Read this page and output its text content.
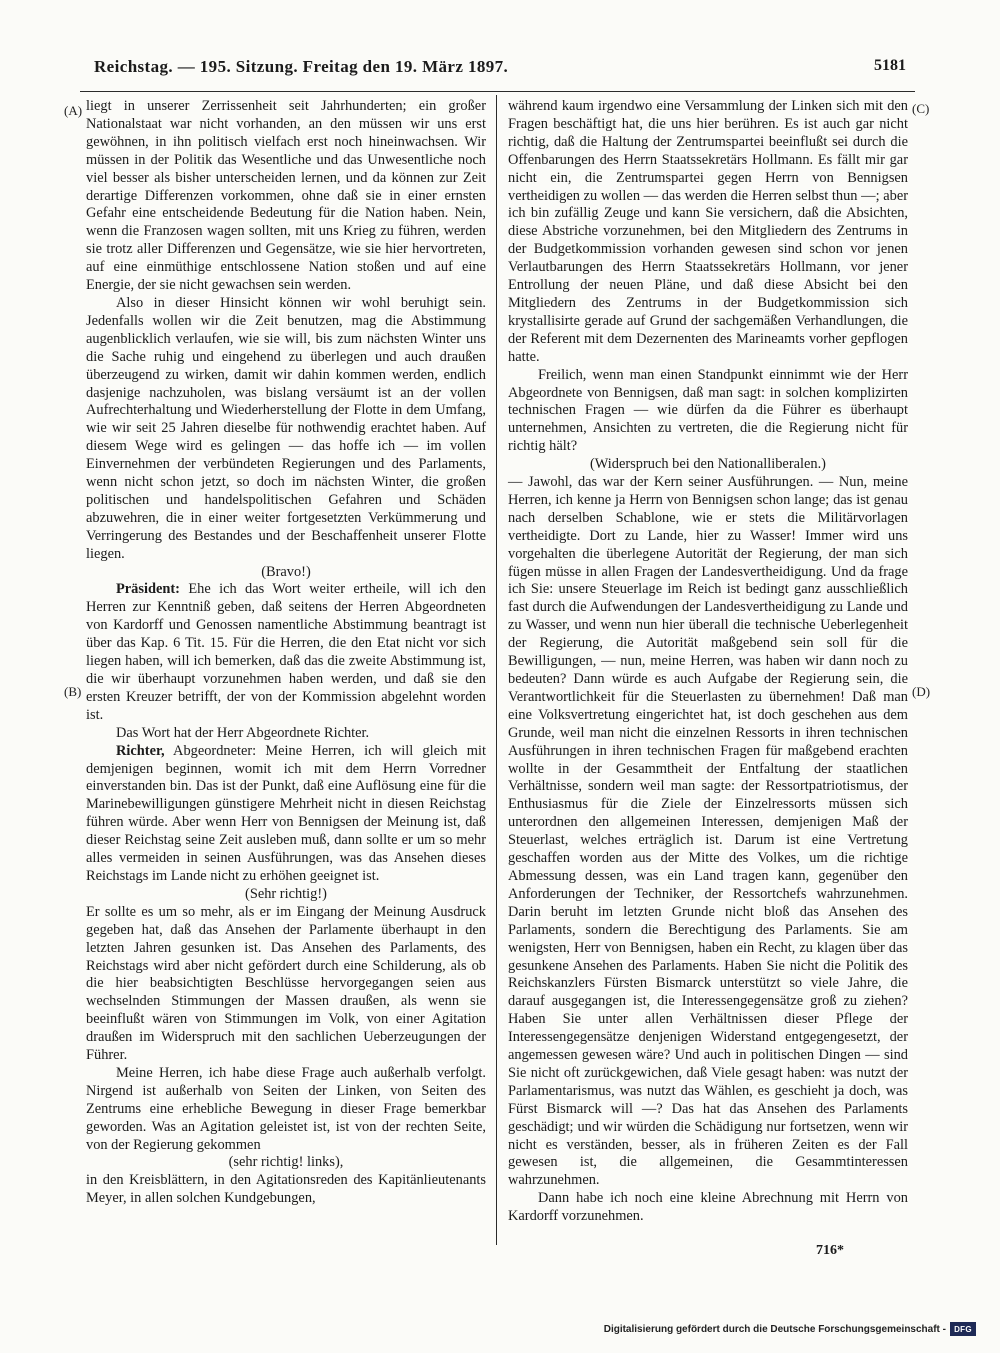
Reichstag. — 195. Sitzung. Freitag den 19. März 1897.	5181
(A)
(B)
(C)
(D)

liegt in unserer Zerrissenheit seit Jahrhunderten; ein großer Nationalstaat war nicht vorhanden, an den müssen wir uns erst gewöhnen, in ihn politisch vielfach erst noch hineinwachsen. Wir müssen in der Politik das Wesentliche und das Unwesentliche noch viel besser als bisher unterscheiden lernen, und da können zur Zeit derartige Differenzen vorkommen, ohne daß sie in einer ernsten Gefahr eine entscheidende Bedeutung für die Nation haben. Nein, wenn die Franzosen wagen sollten, mit uns Krieg zu führen, werden sie trotz aller Differenzen und Gegensätze, wie sie hier hervortreten, auf eine einmüthige entschlossene Nation stoßen und auf eine Energie, der sie nicht gewachsen sein werden.

Also in dieser Hinsicht können wir wohl beruhigt sein. Jedenfalls wollen wir die Zeit benutzen, mag die Abstimmung augenblicklich verlaufen, wie sie will, bis zum nächsten Winter uns die Sache ruhig und eingehend zu überlegen und auch draußen überzeugend zu wirken, damit wir dahin kommen werden, endlich dasjenige nachzuholen, was bislang versäumt ist an der vollen Aufrechterhaltung und Wiederherstellung der Flotte in dem Umfang, wie wir seit 25 Jahren dieselbe für nothwendig erachtet haben. Auf diesem Wege wird es gelingen — das hoffe ich — im vollen Einvernehmen der verbündeten Regierungen und des Parlaments, wenn nicht schon jetzt, so doch im nächsten Winter, die großen politischen und handelspolitischen Gefahren und Schäden abzuwehren, die in einer weiter fortgesetzten Verkümmerung und Verringerung des Bestandes und der Beschaffenheit unserer Flotte liegen.

(Bravo!)

Präsident: Ehe ich das Wort weiter ertheile, will ich den Herren zur Kenntniß geben, daß seitens der Herren Abgeordneten von Kardorff und Genossen namentliche Abstimmung beantragt ist über das Kap. 6 Tit. 15. Für die Herren, die den Etat nicht vor sich liegen haben, will ich bemerken, daß das die zweite Abstimmung ist, die wir überhaupt vorzunehmen haben werden, und daß sie den ersten Kreuzer betrifft, der von der Kommission abgelehnt worden ist.

Das Wort hat der Herr Abgeordnete Richter.

Richter, Abgeordneter: Meine Herren, ich will gleich mit demjenigen beginnen, womit ich mit dem Herrn Vorredner einverstanden bin. Das ist der Punkt, daß eine Auflösung eine für die Marinebewilligungen günstigere Mehrheit nicht in diesen Reichstag führen würde. Aber wenn Herr von Bennigsen der Meinung ist, daß dieser Reichstag seine Zeit ausleben muß, dann sollte er um so mehr alles vermeiden in seinen Ausführungen, was das Ansehen dieses Reichstags im Lande nicht zu erhöhen geeignet ist.

(Sehr richtig!)

Er sollte es um so mehr, als er im Eingang der Meinung Ausdruck gegeben hat, daß das Ansehen der Parlamente überhaupt in den letzten Jahren gesunken ist. Das Ansehen des Parlaments, des Reichstags wird aber nicht gefördert durch eine Schilderung, als ob die hier beabsichtigten Beschlüsse hervorgegangen seien aus wechselnden Stimmungen der Massen draußen, als wenn sie beeinflußt wären von Stimmungen im Volk, von einer Agitation draußen im Widerspruch mit den sachlichen Ueberzeugungen der Führer.

Meine Herren, ich habe diese Frage auch außerhalb verfolgt. Nirgend ist außerhalb von Seiten der Linken, von Seiten des Zentrums eine erhebliche Bewegung in dieser Frage bemerkbar geworden. Was an Agitation geleistet ist, ist von der rechten Seite, von der Regierung gekommen

(sehr richtig! links),

in den Kreisblättern, in den Agitationsreden des Kapitänlieutenants Meyer, in allen solchen Kundgebungen,

während kaum irgendwo eine Versammlung der Linken sich mit den Fragen beschäftigt hat, die uns hier berühren. Es ist auch gar nicht richtig, daß die Haltung der Zentrumspartei beeinflußt sei durch die Offenbarungen des Herrn Staatssekretärs Hollmann. Es fällt mir gar nicht ein, die Zentrumspartei gegen Herrn von Bennigsen vertheidigen zu wollen — das werden die Herren selbst thun —; aber ich bin zufällig Zeuge und kann Sie versichern, daß die Absichten, diese Abstriche vorzunehmen, bei den Mitgliedern des Zentrums in der Budgetkommission vorhanden gewesen sind schon vor jenen Verlautbarungen des Herrn Staatssekretärs Hollmann, vor jener Entrollung der neuen Pläne, und daß diese Absicht bei den Mitgliedern des Zentrums in der Budgetkommission sich krystallisirte gerade auf Grund der sachgemäßen Verhandlungen, die der Referent mit dem Dezernenten des Marineamts vorher gepflogen hatte.

Freilich, wenn man einen Standpunkt einnimmt wie der Herr Abgeordnete von Bennigsen, daß man sagt: in solchen komplizirten technischen Fragen — wie dürfen da die Führer es überhaupt unternehmen, Ansichten zu vertreten, die die Regierung nicht für richtig hält?

(Widerspruch bei den Nationalliberalen.)

— Jawohl, das war der Kern seiner Ausführungen. — Nun, meine Herren, ich kenne ja Herrn von Bennigsen schon lange; das ist genau nach derselben Schablone, wie er stets die Militärvorlagen vertheidigte. Dort zu Lande, hier zu Wasser! Immer wird uns vorgehalten die überlegene Autorität der Regierung, der man sich fügen müsse in allen Fragen der Landesvertheidigung. Und da frage ich Sie: unsere Steuerlage im Reich ist bedingt ganz ausschließlich fast durch die Aufwendungen der Landesvertheidigung zu Lande und zu Wasser, und wenn nun hier überall die technische Ueberlegenheit der Regierung, die Autorität maßgebend sein soll für die Bewilligungen, — nun, meine Herren, was haben wir dann noch zu bedeuten? Dann würde es auch Aufgabe der Regierung sein, die Verantwortlichkeit für die Steuerlasten zu übernehmen! Daß man eine Volksvertretung eingerichtet hat, ist doch geschehen aus dem Grunde, weil man nicht die einzelnen Ressorts in ihren technischen Ausführungen in ihren technischen Fragen für maßgebend erachten wollte in der Gesammtheit der Entfaltung der staatlichen Verhältnisse, sondern weil man sagte: der Ressortpatriotismus, der Enthusiasmus für die Ziele der Einzelressorts müssen sich unterordnen den allgemeinen Interessen, demjenigen Maß der Steuerlast, welches erträglich ist. Darum ist eine Vertretung geschaffen worden aus der Mitte des Volkes, um die richtige Abmessung dessen, was ein Land tragen kann, gegenüber den Anforderungen der Techniker, der Ressortchefs wahrzunehmen. Darin beruht im letzten Grunde nicht bloß das Ansehen des Parlaments, sondern die Berechtigung des Parlaments. Sie am wenigsten, Herr von Bennigsen, haben ein Recht, zu klagen über das gesunkene Ansehen des Parlaments. Haben Sie nicht die Politik des Reichskanzlers Fürsten Bismarck unterstützt so viele Jahre, die darauf ausgegangen ist, die Interessengegensätze groß zu ziehen? Haben Sie unter allen Verhältnissen dieser Pflege der Interessengegensätze denjenigen Widerstand entgegengesetzt, der angemessen gewesen wäre? Und auch in politischen Dingen — sind Sie nicht oft zurückgewichen, daß Viele gesagt haben: was nutzt der Parlamentarismus, was nutzt das Wählen, es geschieht ja doch, was Fürst Bismarck will —? Das hat das Ansehen des Parlaments geschädigt; und wir würden die Schädigung nur fortsetzen, wenn wir nicht es verständen, besser, als in früheren Zeiten es der Fall gewesen ist, die allgemeinen, die Gesammtinteressen wahrzunehmen.

Dann habe ich noch eine kleine Abrechnung mit Herrn von Kardorff vorzunehmen.

716*
Digitalisierung gefördert durch die Deutsche Forschungsgemeinschaft -	DFG
